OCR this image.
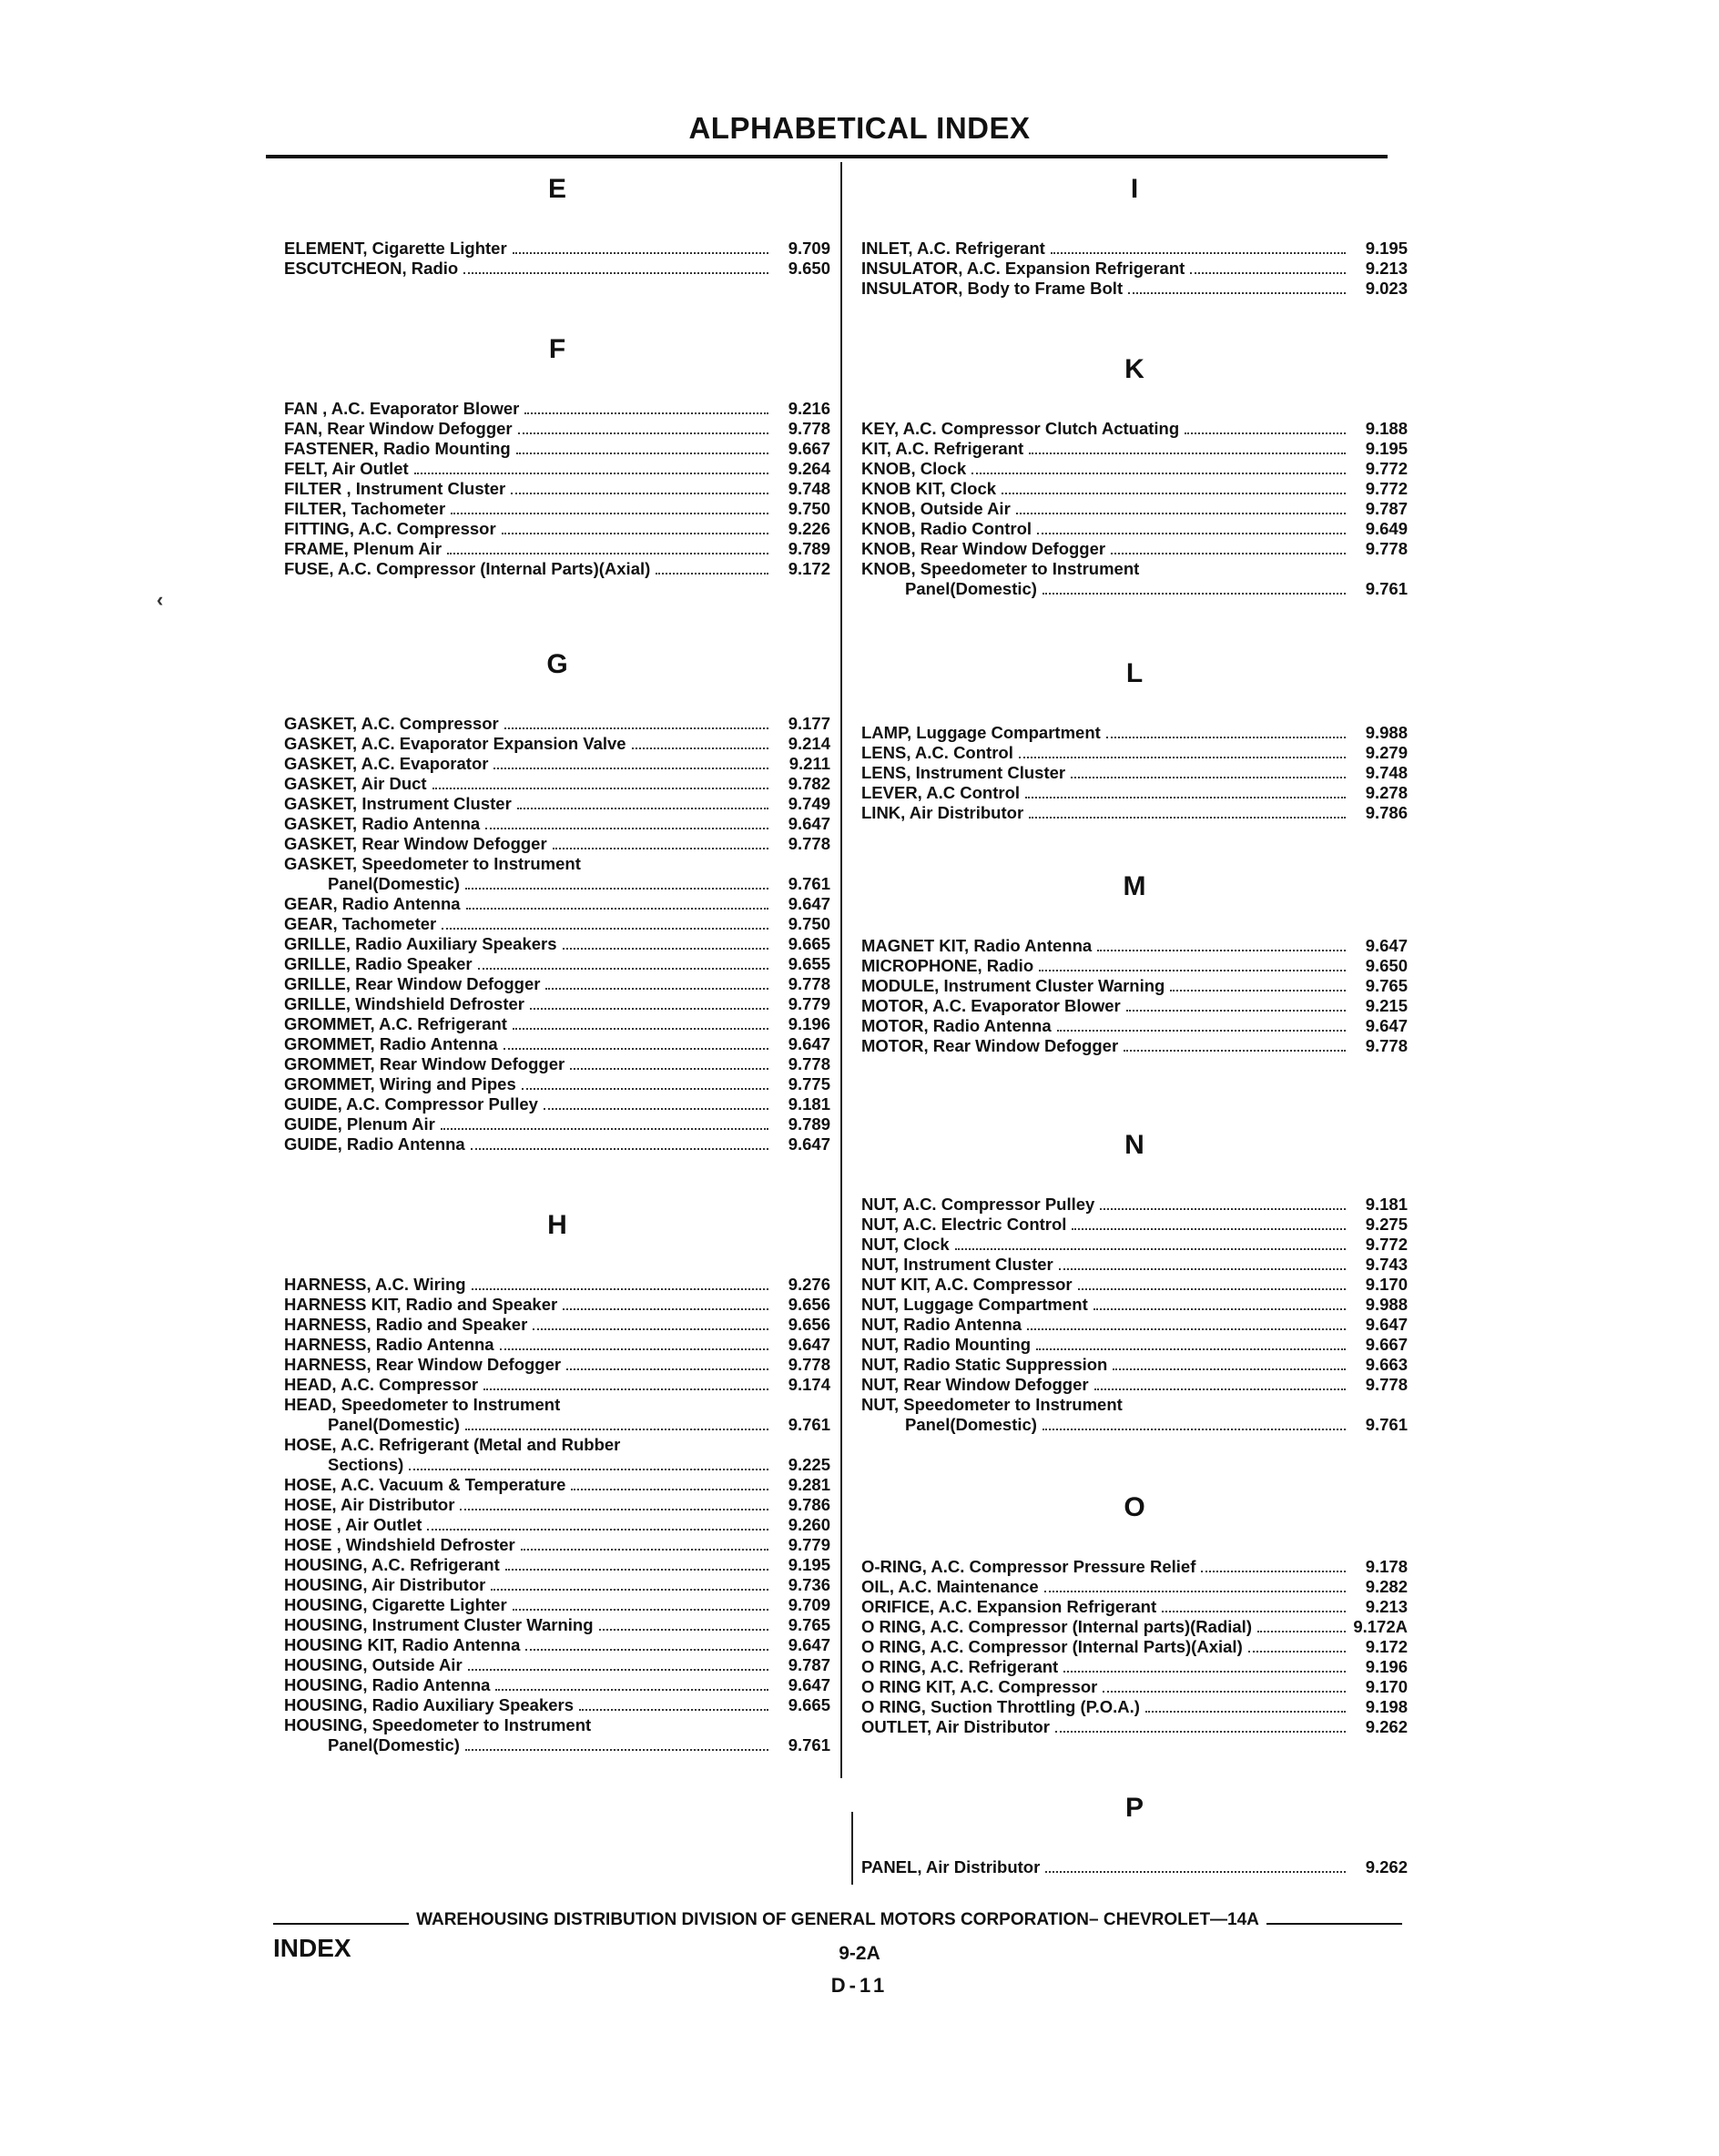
ALPHABETICAL INDEX
‹
E
ELEMENT, Cigarette Lighter	9.709
ESCUTCHEON, Radio	9.650
F
FAN , A.C. Evaporator Blower	9.216
FAN, Rear Window Defogger	9.778
FASTENER, Radio Mounting	9.667
FELT, Air Outlet	9.264
FILTER , Instrument Cluster	9.748
FILTER, Tachometer	9.750
FITTING, A.C. Compressor	9.226
FRAME, Plenum Air	9.789
FUSE, A.C. Compressor (Internal Parts)(Axial)	9.172
G
GASKET, A.C. Compressor	9.177
GASKET, A.C. Evaporator Expansion Valve	9.214
GASKET, A.C. Evaporator	9.211
GASKET, Air Duct	9.782
GASKET, Instrument Cluster	9.749
GASKET, Radio Antenna	9.647
GASKET, Rear Window Defogger	9.778
GASKET, Speedometer to Instrument
Panel(Domestic)	9.761
GEAR, Radio Antenna	9.647
GEAR, Tachometer	9.750
GRILLE, Radio Auxiliary Speakers	9.665
GRILLE, Radio Speaker	9.655
GRILLE, Rear Window Defogger	9.778
GRILLE, Windshield Defroster	9.779
GROMMET, A.C. Refrigerant	9.196
GROMMET, Radio Antenna	9.647
GROMMET, Rear Window Defogger	9.778
GROMMET, Wiring and Pipes	9.775
GUIDE, A.C. Compressor Pulley	9.181
GUIDE, Plenum Air	9.789
GUIDE, Radio Antenna	9.647
H
HARNESS, A.C. Wiring	9.276
HARNESS KIT, Radio and Speaker	9.656
HARNESS, Radio and Speaker	9.656
HARNESS, Radio Antenna	9.647
HARNESS, Rear Window Defogger	9.778
HEAD, A.C. Compressor	9.174
HEAD, Speedometer to Instrument
Panel(Domestic)	9.761
HOSE, A.C. Refrigerant (Metal and Rubber
Sections)	9.225
HOSE, A.C. Vacuum & Temperature	9.281
HOSE, Air Distributor	9.786
HOSE , Air Outlet	9.260
HOSE , Windshield Defroster	9.779
HOUSING, A.C. Refrigerant	9.195
HOUSING, Air Distributor	9.736
HOUSING, Cigarette Lighter	9.709
HOUSING, Instrument Cluster Warning	9.765
HOUSING KIT, Radio Antenna	9.647
HOUSING, Outside Air	9.787
HOUSING, Radio Antenna	9.647
HOUSING, Radio Auxiliary Speakers	9.665
HOUSING, Speedometer to Instrument
Panel(Domestic)	9.761
I
INLET, A.C. Refrigerant	9.195
INSULATOR, A.C. Expansion Refrigerant	9.213
INSULATOR, Body to Frame Bolt	9.023
K
KEY, A.C. Compressor Clutch Actuating	9.188
KIT, A.C. Refrigerant	9.195
KNOB, Clock	9.772
KNOB KIT, Clock	9.772
KNOB, Outside Air	9.787
KNOB, Radio Control	9.649
KNOB, Rear Window Defogger	9.778
KNOB, Speedometer to Instrument
Panel(Domestic)	9.761
L
LAMP, Luggage Compartment	9.988
LENS, A.C. Control	9.279
LENS, Instrument Cluster	9.748
LEVER, A.C Control	9.278
LINK, Air Distributor	9.786
M
MAGNET KIT, Radio Antenna	9.647
MICROPHONE, Radio	9.650
MODULE, Instrument Cluster Warning	9.765
MOTOR, A.C. Evaporator Blower	9.215
MOTOR, Radio Antenna	9.647
MOTOR, Rear Window Defogger	9.778
N
NUT, A.C. Compressor Pulley	9.181
NUT, A.C. Electric Control	9.275
NUT, Clock	9.772
NUT, Instrument Cluster	9.743
NUT KIT, A.C. Compressor	9.170
NUT, Luggage Compartment	9.988
NUT, Radio Antenna	9.647
NUT, Radio Mounting	9.667
NUT, Radio Static Suppression	9.663
NUT, Rear Window Defogger	9.778
NUT, Speedometer to Instrument
Panel(Domestic)	9.761
O
O-RING, A.C. Compressor Pressure Relief	9.178
OIL, A.C. Maintenance	9.282
ORIFICE, A.C. Expansion Refrigerant	9.213
O RING, A.C. Compressor (Internal parts)(Radial)	9.172A
O RING, A.C. Compressor (Internal Parts)(Axial)	9.172
O RING, A.C. Refrigerant	9.196
O RING KIT, A.C. Compressor	9.170
O RING, Suction Throttling (P.O.A.)	9.198
OUTLET, Air Distributor	9.262
P
PANEL, Air Distributor	9.262
WAREHOUSING DISTRIBUTION DIVISION OF GENERAL MOTORS CORPORATION– CHEVROLET—14A
INDEX	9-2A
D-11
